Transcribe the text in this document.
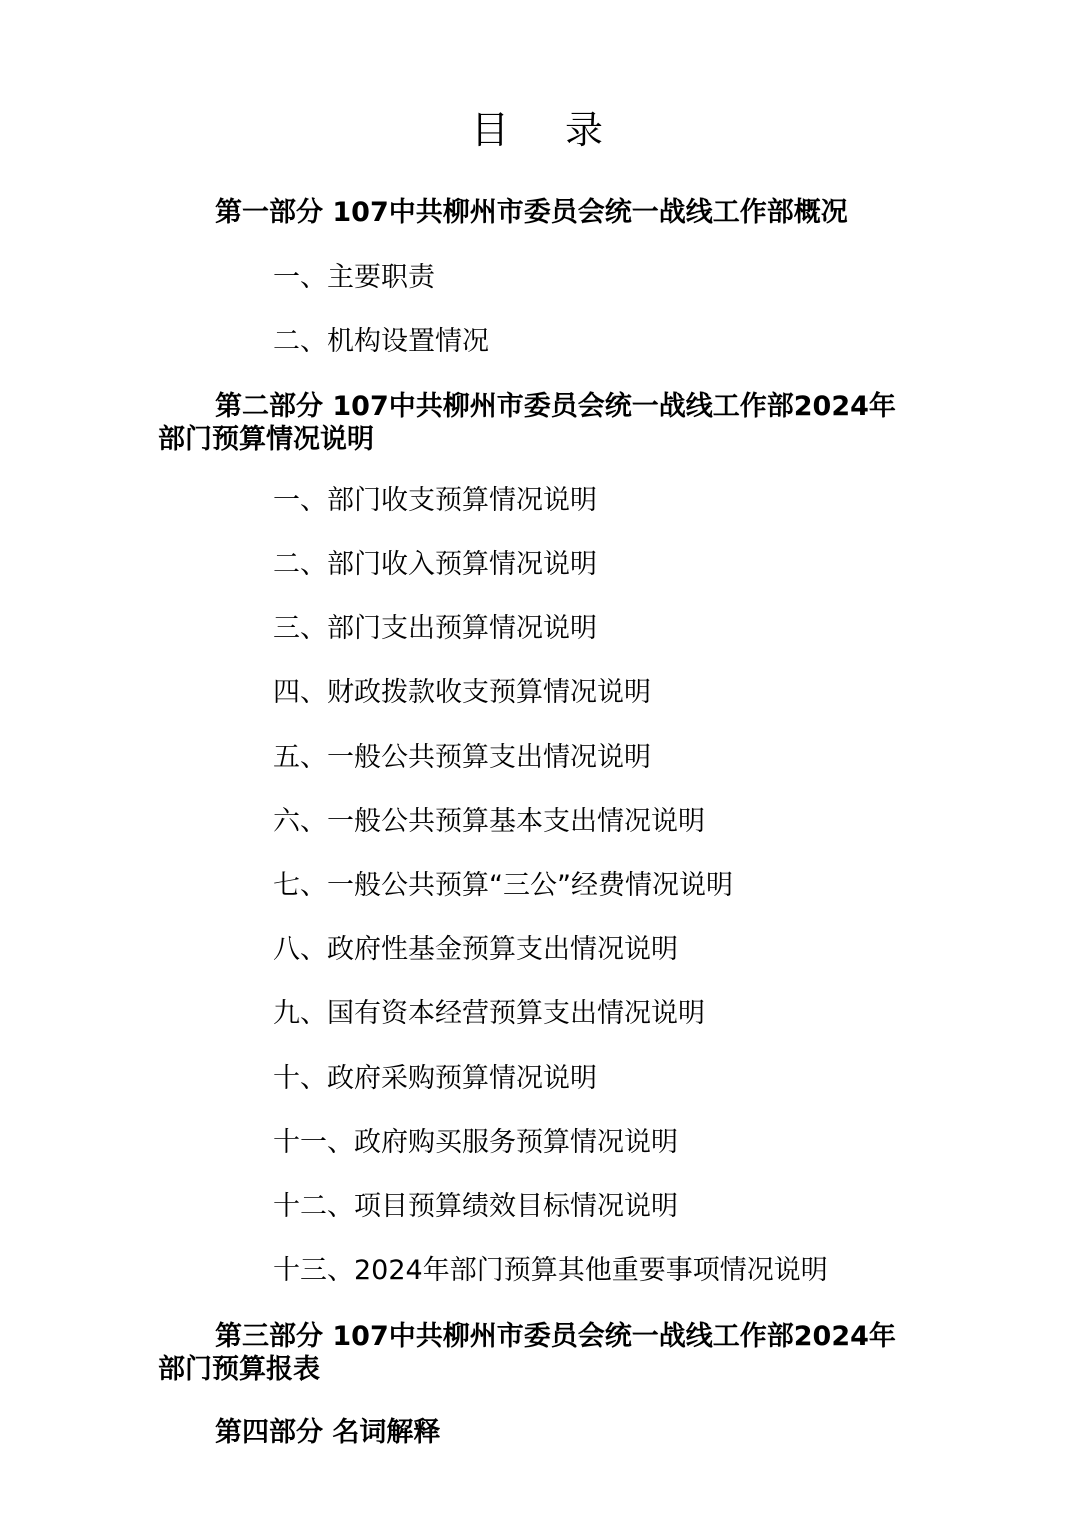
目 录
第一部分 107中共柳州市委员会统一战线工作部概况
一、主要职责
二、机构设置情况
第二部分 107中共柳州市委员会统一战线工作部2024年部门预算情况说明
一、部门收支预算情况说明
二、部门收入预算情况说明
三、部门支出预算情况说明
四、财政拨款收支预算情况说明
五、一般公共预算支出情况说明
六、一般公共预算基本支出情况说明
七、一般公共预算“三公”经费情况说明
八、政府性基金预算支出情况说明
九、国有资本经营预算支出情况说明
十、政府采购预算情况说明
十一、政府购买服务预算情况说明
十二、项目预算绩效目标情况说明
十三、2024年部门预算其他重要事项情况说明
第三部分 107中共柳州市委员会统一战线工作部2024年部门预算报表
第四部分 名词解释
